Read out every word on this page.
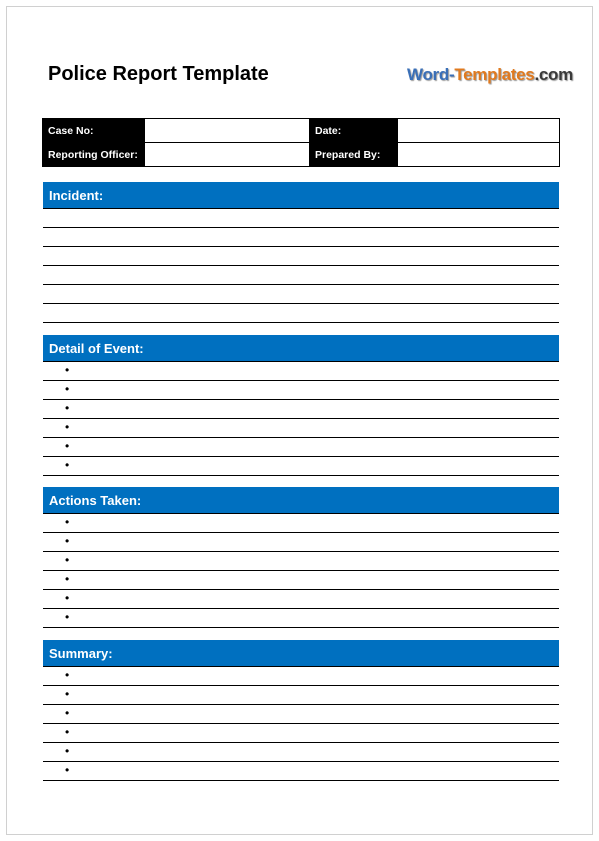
Police Report Template	Word-Templates.com
Case No:		Date:	
Reporting Officer:		Prepared By:	
Incident:
Detail of Event:
•
•
•
•
•
•
Actions Taken:
•
•
•
•
•
•
Summary:
•
•
•
•
•
•
